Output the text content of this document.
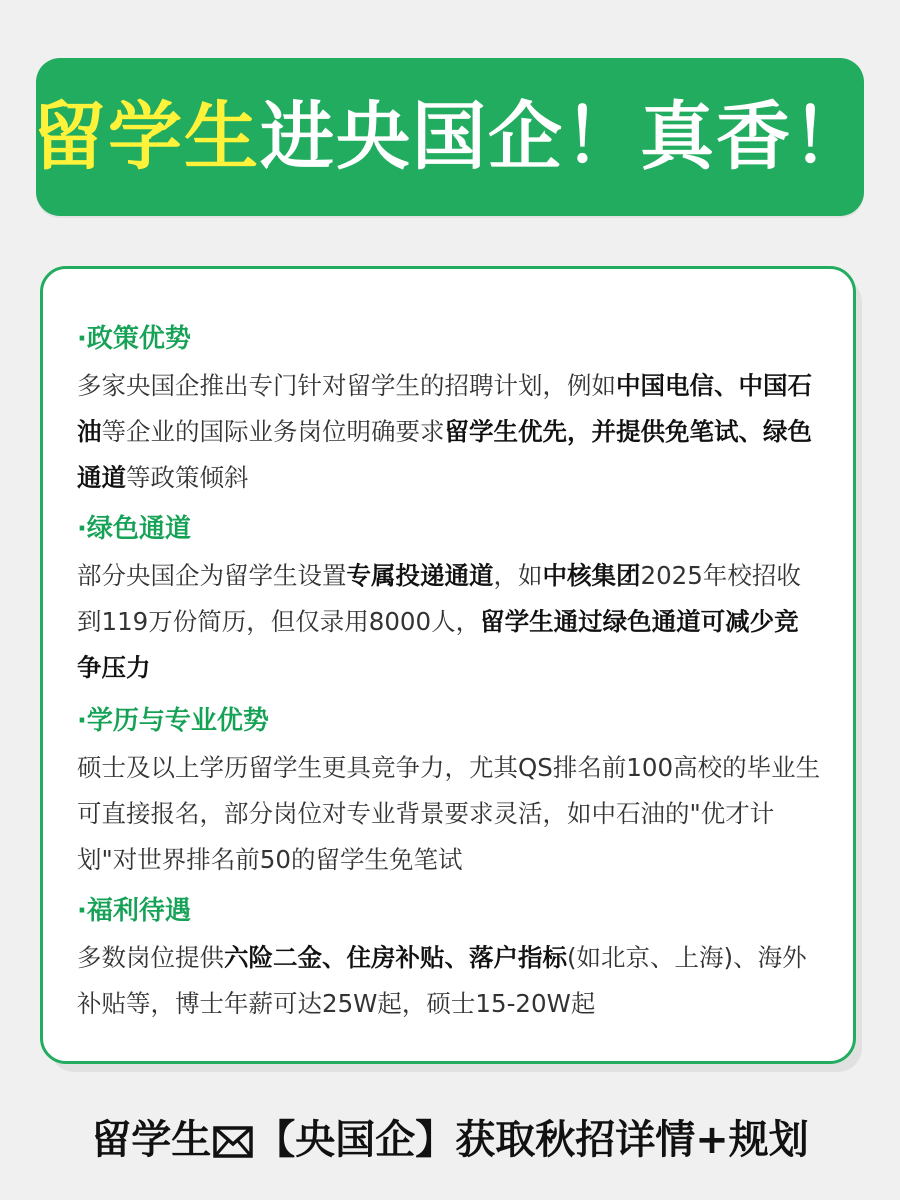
留学生进央国企！真香！
·政策优势

多家央国企推出专门针对留学生的招聘计划，例如中国电信、中国石油等企业的国际业务岗位明确要求留学生优先，并提供免笔试、绿色通道等政策倾斜

·绿色通道

部分央国企为留学生设置专属投递通道，如中核集团2025年校招收到119万份简历，但仅录用8000人，留学生通过绿色通道可减少竞争压力

·学历与专业优势

硕士及以上学历留学生更具竞争力，尤其QS排名前100高校的毕业生可直接报名，部分岗位对专业背景要求灵活，如中石油的"优才计划"对世界排名前50的留学生免笔试

·福利待遇

多数岗位提供六险二金、住房补贴、落户指标(如北京、上海)、海外补贴等，博士年薪可达25W起，硕士15-20W起

留学生 【央国企】获取秋招详情+规划
